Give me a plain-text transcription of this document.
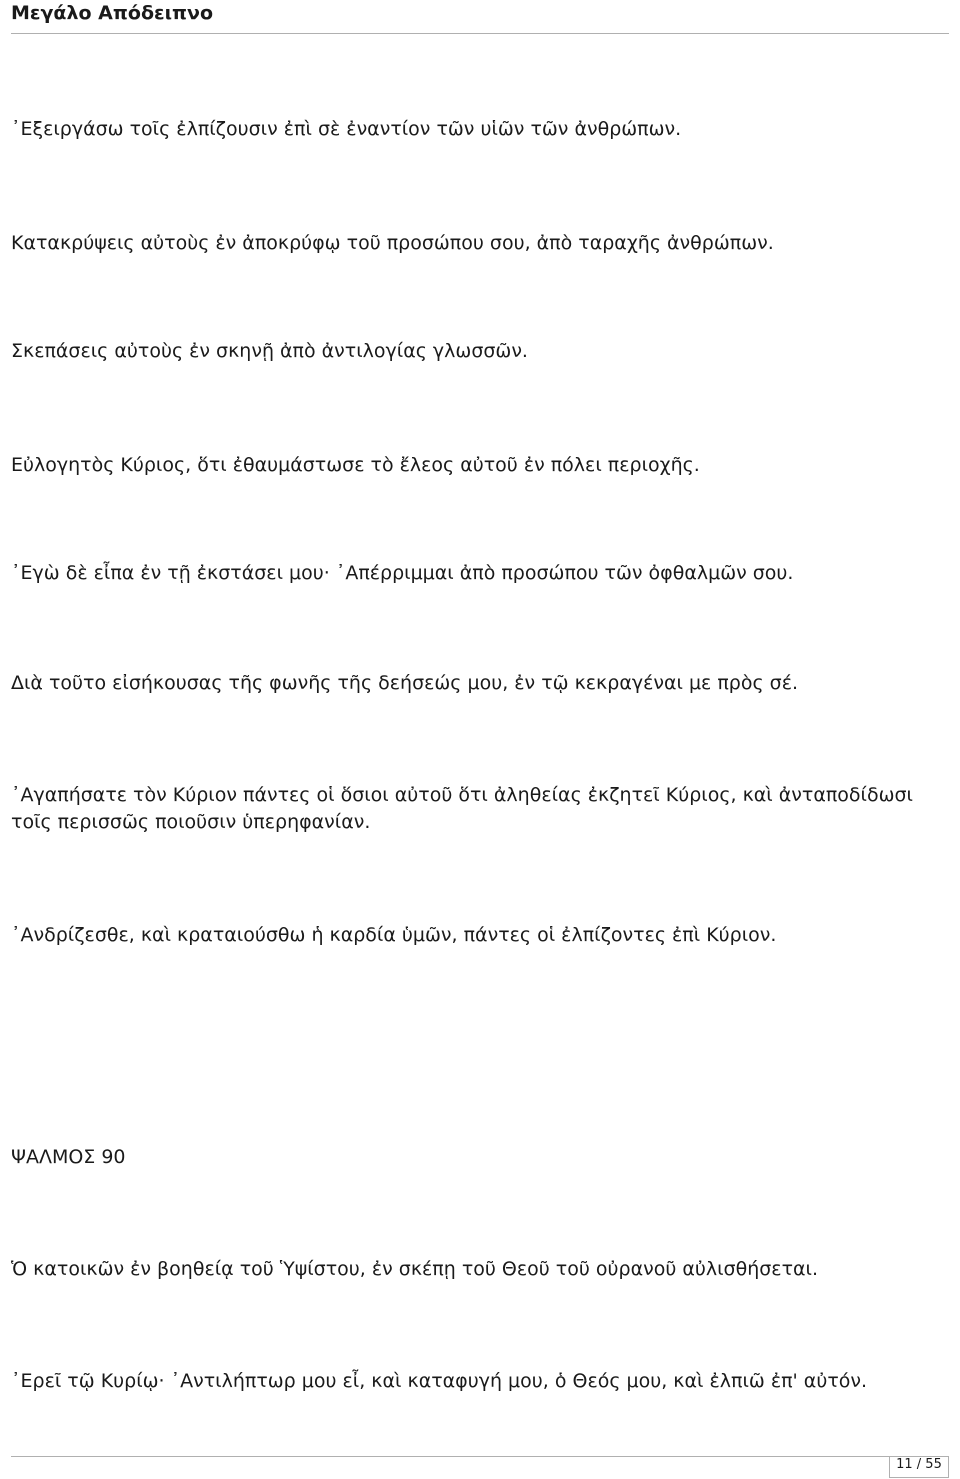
Μεγάλο Απόδειπνο

᾿Εξειργάσω τοῖς ἐλπίζουσιν ἐπὶ σὲ ἐναντίον τῶν υἱῶν τῶν ἀνθρώπων.

Κατακρύψεις αὐτοὺς ἐν ἀποκρύφῳ τοῦ προσώπου σου, ἀπὸ ταραχῆς ἀνθρώπων.

Σκεπάσεις αὐτοὺς ἐν σκηνῇ ἀπὸ ἀντιλογίας γλωσσῶν.

Εὐλογητὸς Κύριος, ὅτι ἐθαυμάστωσε τὸ ἔλεος αὐτοῦ ἐν πόλει περιοχῆς.

᾿Εγὼ δὲ εἶπα ἐν τῇ ἐκστάσει μου· ᾿Απέρριμμαι ἀπὸ προσώπου τῶν ὀφθαλμῶν σου.

Διὰ τοῦτο εἰσήκουσας τῆς φωνῆς τῆς δεήσεώς μου, ἐν τῷ κεκραγέναι με πρὸς σέ.

᾿Αγαπήσατε τὸν Κύριον πάντες οἱ ὅσιοι αὐτοῦ ὅτι ἀληθείας ἐκζητεῖ Κύριος, καὶ ἀνταποδίδωσι τοῖς περισσῶς ποιοῦσιν ὑπερηφανίαν.

᾿Ανδρίζεσθε, καὶ κραταιούσθω ἡ καρδία ὑμῶν, πάντες οἱ ἐλπίζοντες ἐπὶ Κύριον.

ΨΑΛΜΟΣ 90

Ὁ κατοικῶν ἐν βοηθείᾳ τοῦ Ὑψίστου, ἐν σκέπῃ τοῦ Θεοῦ τοῦ οὐρανοῦ αὐλισθήσεται.

᾿Ερεῖ τῷ Κυρίῳ· ᾿Αντιλήπτωρ μου εἶ, καὶ καταφυγή μου, ὁ Θεός μου, καὶ ἐλπιῶ ἐπ' αὐτόν.

11 / 55
